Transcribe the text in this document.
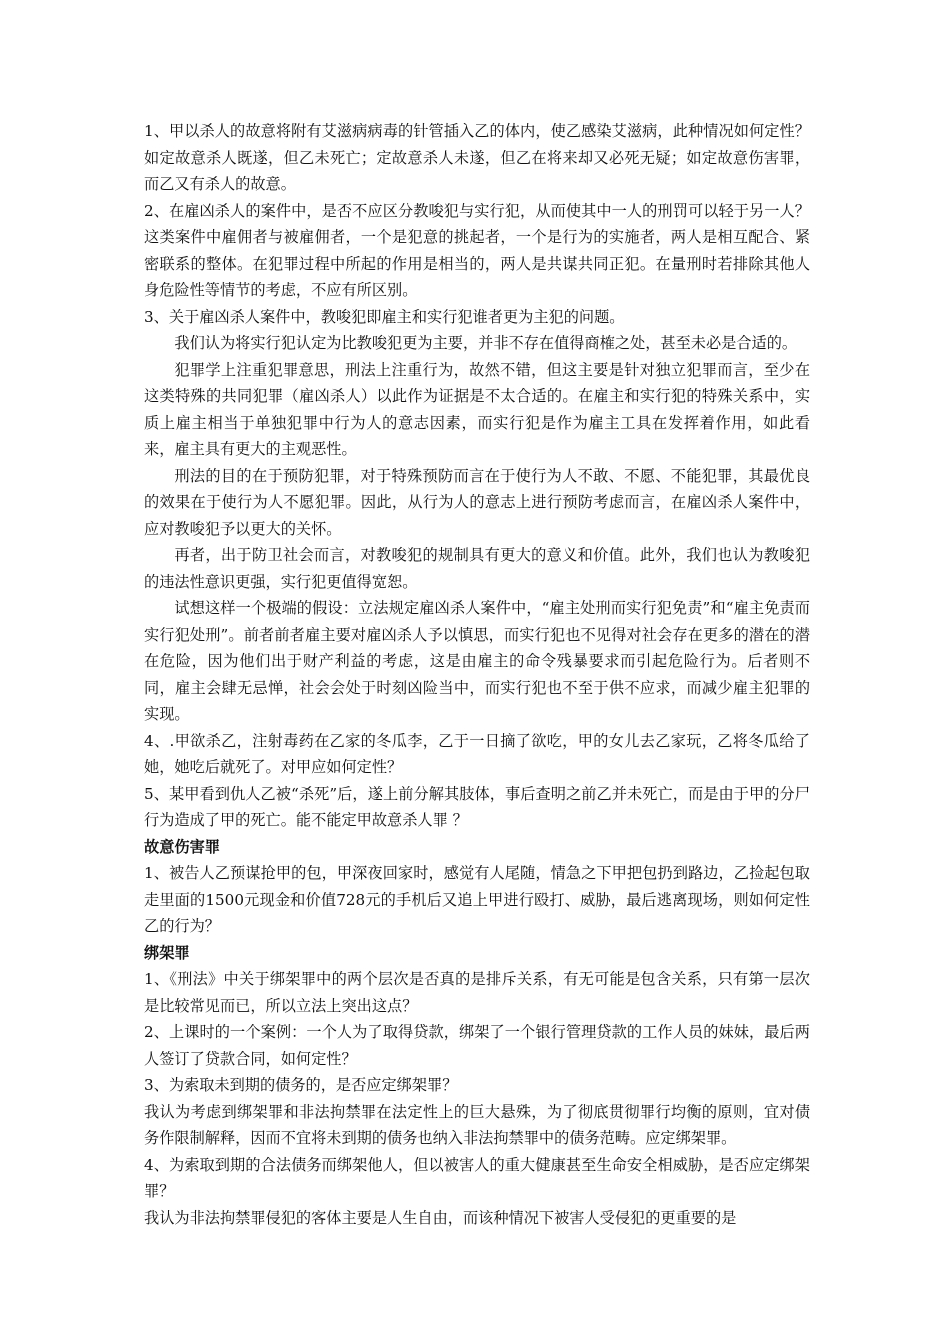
1、甲以杀人的故意将附有艾滋病病毒的针管插入乙的体内，使乙感染艾滋病，此种情况如何定性？如定故意杀人既遂，但乙未死亡；定故意杀人未遂，但乙在将来却又必死无疑；如定故意伤害罪，而乙又有杀人的故意。

2、在雇凶杀人的案件中，是否不应区分教唆犯与实行犯，从而使其中一人的刑罚可以轻于另一人？这类案件中雇佣者与被雇佣者，一个是犯意的挑起者，一个是行为的实施者，两人是相互配合、紧密联系的整体。在犯罪过程中所起的作用是相当的，两人是共谋共同正犯。在量刑时若排除其他人身危险性等情节的考虑，不应有所区别。

3、关于雇凶杀人案件中，教唆犯即雇主和实行犯谁者更为主犯的问题。

我们认为将实行犯认定为比教唆犯更为主要，并非不存在值得商榷之处，甚至未必是合适的。

犯罪学上注重犯罪意思，刑法上注重行为，故然不错，但这主要是针对独立犯罪而言，至少在这类特殊的共同犯罪（雇凶杀人）以此作为证据是不太合适的。在雇主和实行犯的特殊关系中，实质上雇主相当于单独犯罪中行为人的意志因素，而实行犯是作为雇主工具在发挥着作用，如此看来，雇主具有更大的主观恶性。

刑法的目的在于预防犯罪，对于特殊预防而言在于使行为人不敢、不愿、不能犯罪，其最优良的效果在于使行为人不愿犯罪。因此，从行为人的意志上进行预防考虑而言，在雇凶杀人案件中，应对教唆犯予以更大的关怀。

再者，出于防卫社会而言，对教唆犯的规制具有更大的意义和价值。此外，我们也认为教唆犯的违法性意识更强，实行犯更值得宽恕。

试想这样一个极端的假设：立法规定雇凶杀人案件中，“雇主处刑而实行犯免责”和“雇主免责而实行犯处刑”。前者前者雇主要对雇凶杀人予以慎思，而实行犯也不见得对社会存在更多的潜在的潜在危险，因为他们出于财产利益的考虑，这是由雇主的命令残暴要求而引起危险行为。后者则不同，雇主会肆无忌惮，社会会处于时刻凶险当中，而实行犯也不至于供不应求，而减少雇主犯罪的实现。

4、.甲欲杀乙，注射毒药在乙家的冬瓜李，乙于一日摘了欲吃，甲的女儿去乙家玩，乙将冬瓜给了她，她吃后就死了。对甲应如何定性？

5、某甲看到仇人乙被“杀死”后，遂上前分解其肢体，事后查明之前乙并未死亡，而是由于甲的分尸行为造成了甲的死亡。能不能定甲故意杀人罪 ？

故意伤害罪

1、被告人乙预谋抢甲的包，甲深夜回家时，感觉有人尾随，情急之下甲把包扔到路边，乙捡起包取走里面的1500元现金和价值728元的手机后又追上甲进行殴打、威胁，最后逃离现场，则如何定性乙的行为？

绑架罪

1、《刑法》中关于绑架罪中的两个层次是否真的是排斥关系，有无可能是包含关系，只有第一层次是比较常见而已，所以立法上突出这点？

2、上课时的一个案例：一个人为了取得贷款，绑架了一个银行管理贷款的工作人员的妹妹，最后两人签订了贷款合同，如何定性？

3、为索取未到期的债务的，是否应定绑架罪？

我认为考虑到绑架罪和非法拘禁罪在法定性上的巨大悬殊，为了彻底贯彻罪行均衡的原则，宜对债务作限制解释，因而不宜将未到期的债务也纳入非法拘禁罪中的债务范畴。应定绑架罪。

4、为索取到期的合法债务而绑架他人，但以被害人的重大健康甚至生命安全相威胁，是否应定绑架罪？

我认为非法拘禁罪侵犯的客体主要是人生自由，而该种情况下被害人受侵犯的更重要的是
